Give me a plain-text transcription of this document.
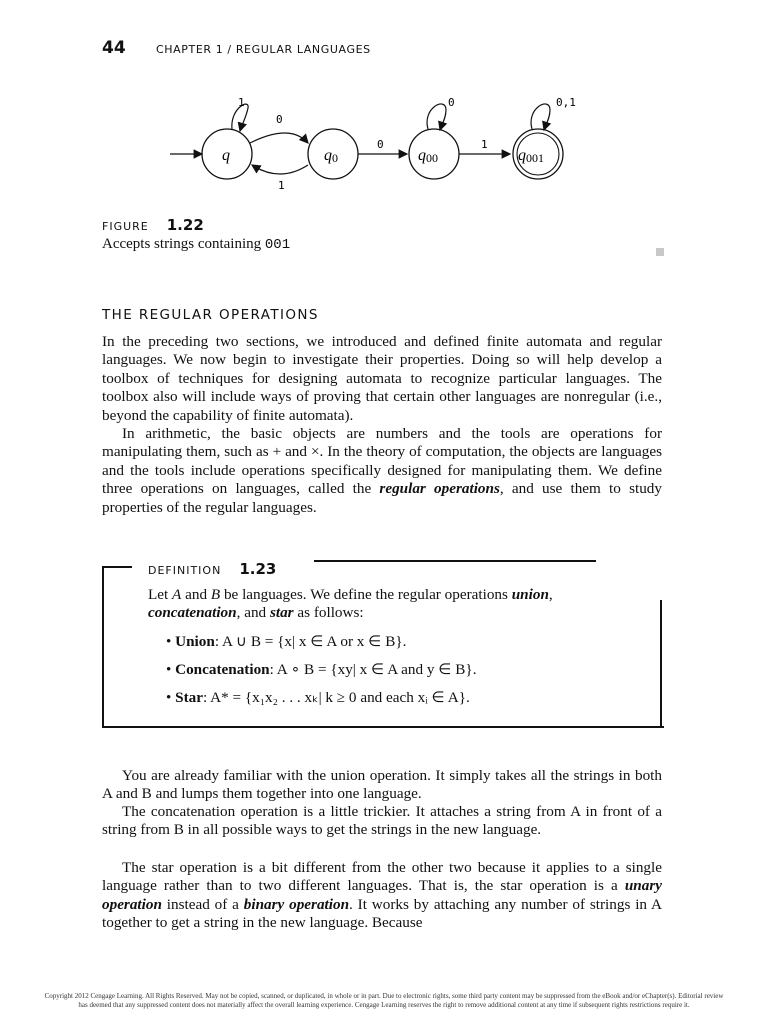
44	CHAPTER 1 / REGULAR LANGUAGES
q	q0	q00	q001
1
0
1
0
0
1
0,1
FIGURE 1.22
Accepts strings containing 001
THE REGULAR OPERATIONS
In the preceding two sections, we introduced and defined finite automata and regular languages. We now begin to investigate their properties. Doing so will help develop a toolbox of techniques for designing automata to recognize particular languages. The toolbox also will include ways of proving that certain other languages are nonregular (i.e., beyond the capability of finite automata).
In arithmetic, the basic objects are numbers and the tools are operations for manipulating them, such as + and ×. In the theory of computation, the objects are languages and the tools include operations specifically designed for manipulating them. We define three operations on languages, called the regular operations, and use them to study properties of the regular languages.
DEFINITION 1.23
Let A and B be languages. We define the regular operations union, concatenation, and star as follows:
• Union: A ∪ B = {x| x ∈ A or x ∈ B}.
• Concatenation: A ∘ B = {xy| x ∈ A and y ∈ B}.
• Star: A* = {x₁x₂ . . . xₖ| k ≥ 0 and each xᵢ ∈ A}.
You are already familiar with the union operation. It simply takes all the strings in both A and B and lumps them together into one language.
The concatenation operation is a little trickier. It attaches a string from A in front of a string from B in all possible ways to get the strings in the new language.
The star operation is a bit different from the other two because it applies to a single language rather than to two different languages. That is, the star operation is a unary operation instead of a binary operation. It works by attaching any number of strings in A together to get a string in the new language. Because
Copyright 2012 Cengage Learning. All Rights Reserved. May not be copied, scanned, or duplicated, in whole or in part. Due to electronic rights, some third party content may be suppressed from the eBook and/or eChapter(s). Editorial review has deemed that any suppressed content does not materially affect the overall learning experience. Cengage Learning reserves the right to remove additional content at any time if subsequent rights restrictions require it.
